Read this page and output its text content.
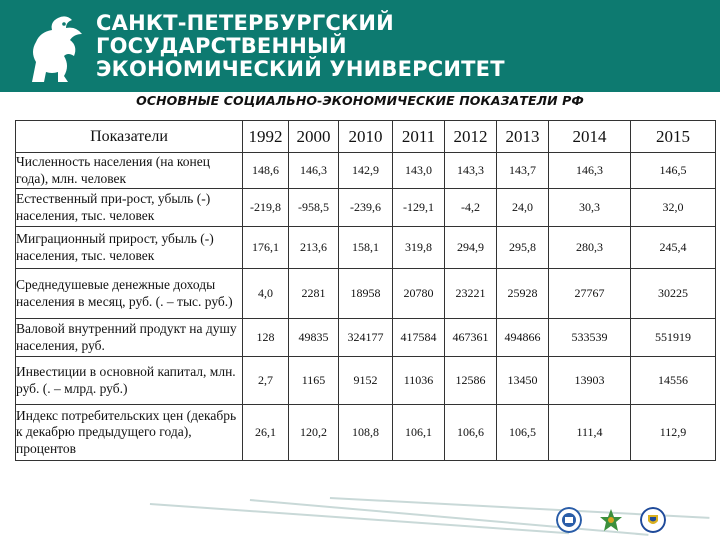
САНКТ-ПЕТЕРБУРГСКИЙ
ГОСУДАРСТВЕННЫЙ
ЭКОНОМИЧЕСКИЙ УНИВЕРСИТЕТ
ОСНОВНЫЕ СОЦИАЛЬНО-ЭКОНОМИЧЕСКИЕ ПОКАЗАТЕЛИ РФ
Показатели	1992	2000	2010	2011	2012	2013	2014	2015
Численность населения (на конец года), млн. человек	148,6	146,3	142,9	143,0	143,3	143,7	146,3	146,5
Естественный при-рост, убыль (-) населения, тыс. человек	-219,8	-958,5	-239,6	-129,1	-4,2	24,0	30,3	32,0
Миграционный прирост, убыль (-) населения, тыс. человек	176,1	213,6	158,1	319,8	294,9	295,8	280,3	245,4
Среднедушевые денежные доходы населения в месяц, руб. (. – тыс. руб.)	4,0	2281	18958	20780	23221	25928	27767	30225
Валовой внутренний продукт на душу населения, руб.	128	49835	324177	417584	467361	494866	533539	551919
Инвестиции в основной капитал, млн. руб. (. – млрд. руб.)	2,7	1165	9152	11036	12586	13450	13903	14556
Индекс потребительских цен (декабрь к декабрю предыдущего года), процентов	26,1	120,2	108,8	106,1	106,6	106,5	111,4	112,9
